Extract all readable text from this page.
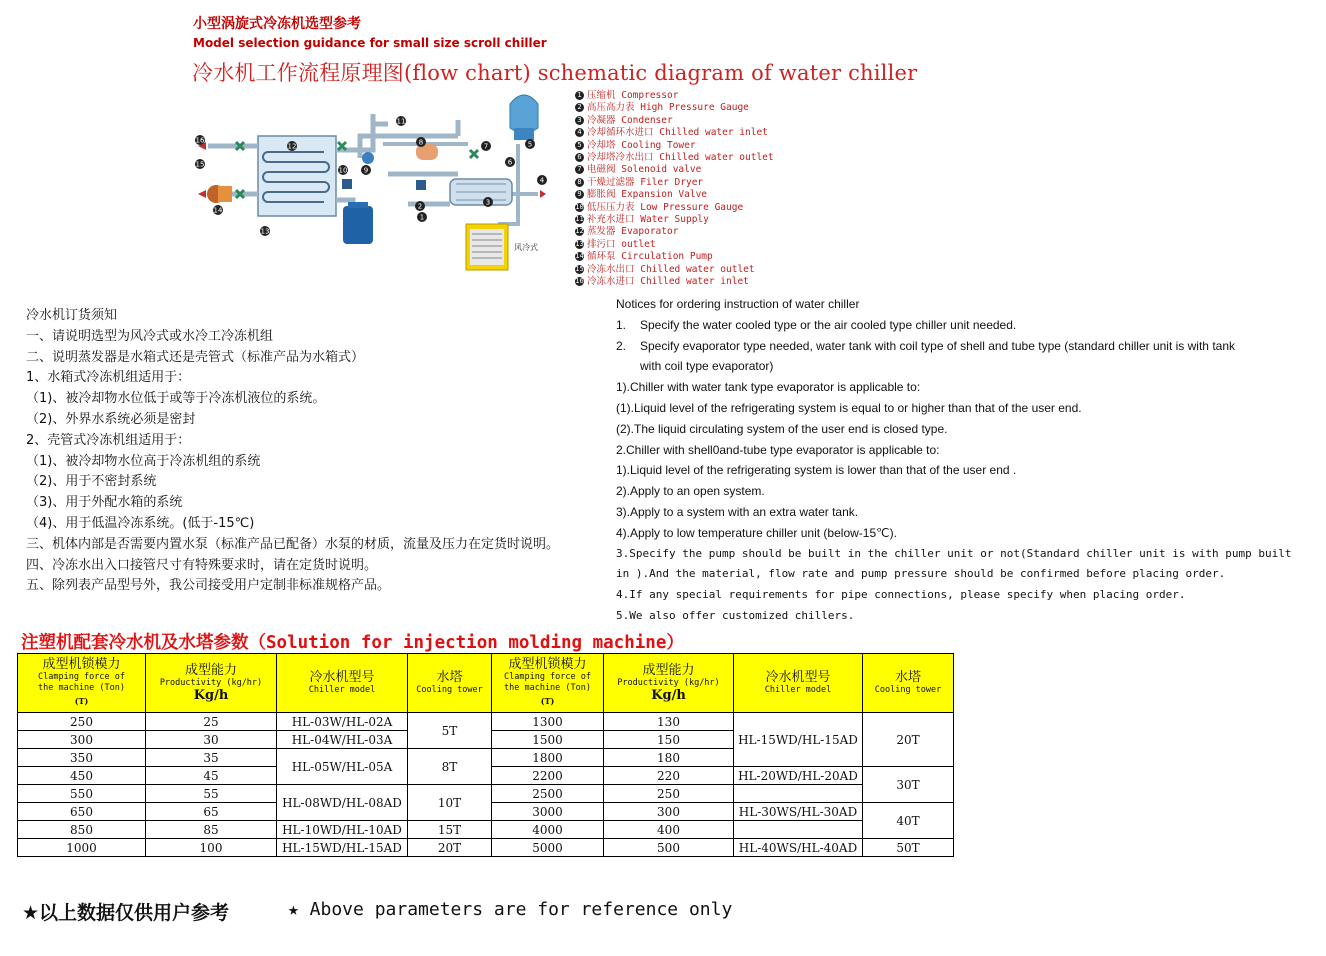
小型涡旋式冷冻机选型参考
Model selection guidance for small size scroll chiller
冷水机工作流程原理图(flow chart) schematic diagram of water chiller
1
2	3
4
5
6
7
8
9
10
11
12
13
14
15
16
风冷式
1 压缩机 Compressor
2 高压高力表 High Pressure Gauge
3 冷凝器 Condenser
4 冷却循环水进口 Chilled water inlet
5 冷却塔 Cooling Tower
6 冷却塔冷水出口 Chilled water outlet
7 电磁阀 Solenoid valve
8 干燥过滤器 Filer Dryer
9 膨胀阀 Expansion Valve
10 低压压力表 Low Pressure Gauge
11 补充水进口 Water Supply
12 蒸发器 Evaporator
13 排污口 outlet
14 循环泵 Circulation Pump
15 冷冻水出口 Chilled water outlet
16 冷冻水进口 Chilled water inlet
冷水机订货须知
一、请说明选型为风冷式或水冷工冷冻机组
二、说明蒸发器是水箱式还是壳管式（标准产品为水箱式）
1、水箱式冷冻机组适用于：
（1)、被冷却物水位低于或等于冷冻机液位的系统。
（2)、外界水系统必须是密封
2、壳管式冷冻机组适用于：
（1)、被冷却物水位高于冷冻机组的系统
（2)、用于不密封系统
（3)、用于外配水箱的系统
（4)、用于低温冷冻系统。(低于-15℃)
三、机体内部是否需要内置水泵（标准产品已配备）水泵的材质，流量及压力在定货时说明。
四、冷冻水出入口接管尺寸有特殊要求时，请在定货时说明。
五、除列表产品型号外，我公司接受用户定制非标准规格产品。
Notices for ordering instruction of water chiller
1. Specify the water cooled type or the air cooled type chiller unit needed.
2. Specify evaporator type needed, water tank with coil type of shell and tube type (standard chiller unit is with tank
with coil type evaporator)
1).Chiller with water tank type evaporator is applicable to:
(1).Liquid level of the refrigerating system is equal to or higher than that of the user end.
(2).The liquid circulating system of the user end is closed type.
2.Chiller with shell0and-tube type evaporator is applicable to:
1).Liquid level of the refrigerating system is lower than that of the user end .
2).Apply to an open system.
3).Apply to a system with an extra water tank.
4).Apply to low temperature chiller unit (below-15℃).
3.Specify the pump should be built in the chiller unit or not(Standard chiller unit is with pump built
in ).And the material, flow rate and pump pressure should be confirmed before placing order.
4.If any special requirements for pipe connections, please specify when placing order.
5.We also offer customized chillers.
注塑机配套冷水机及水塔参数（Solution for injection molding machine）
成型机锁模力
Clamping force of
the machine (Ton)
(T)	成型能力
Productivity (kg/hr)
Kg/h	冷水机型号
Chiller model	水塔
Cooling tower	成型机锁模力
Clamping force of
the machine (Ton)
(T)	成型能力
Productivity (kg/hr)
Kg/h	冷水机型号
Chiller model	水塔
Cooling tower

250	25	HL-03W/HL-02A	5T	1300	130	HL-15WD/HL-15AD	20T
300	30	HL-04W/HL-03A		1500	150		
350	35	HL-05W/HL-05A	8T	1800	180		
450	45			2200	220	HL-20WD/HL-20AD	30T
550	55	HL-08WD/HL-08AD	10T	2500	250		
650	65			3000	300	HL-30WS/HL-30AD	40T
850	85	HL-10WD/HL-10AD	15T	4000	400		
1000	100	HL-15WD/HL-15AD	20T	5000	500	HL-40WS/HL-40AD	50T
★以上数据仅供用户参考	★ Above parameters are for reference only
